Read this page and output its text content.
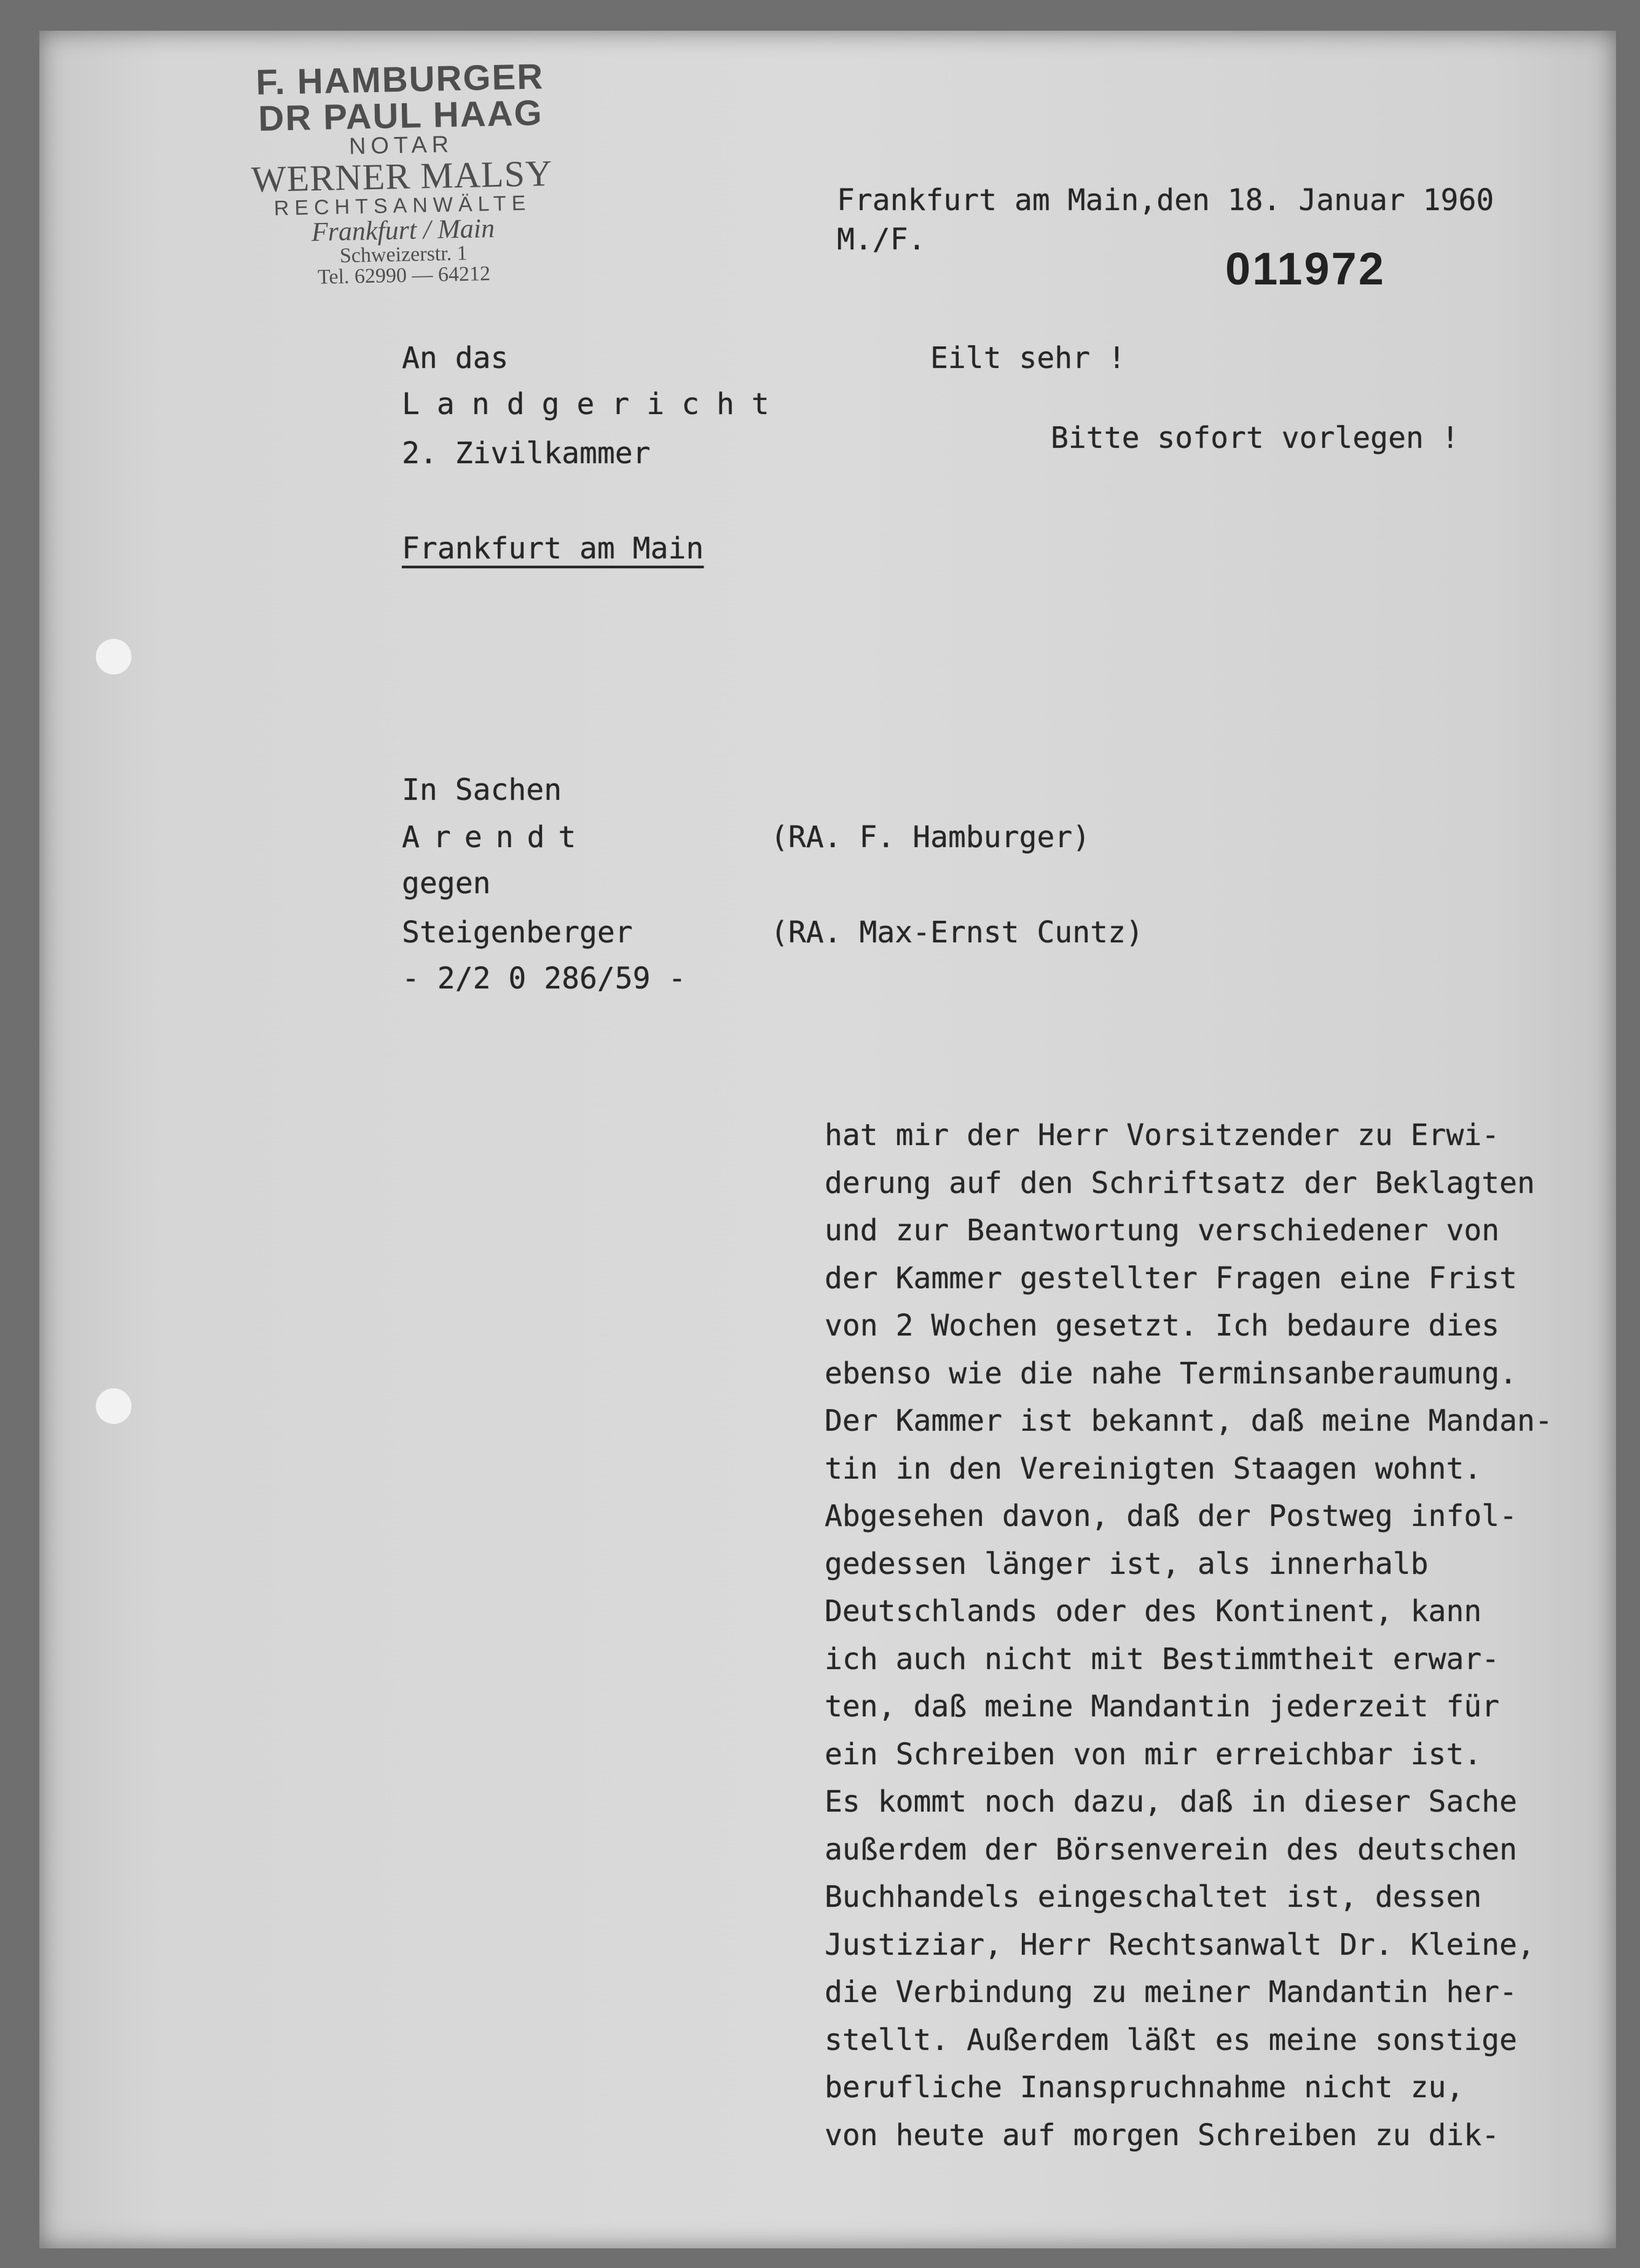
F. HAMBURGER
DR PAUL HAAG
NOTAR
WERNER MALSY
RECHTSANWÄLTE
Frankfurt / Main
Schweizerstr. 1
Tel. 62990 — 64212
Frankfurt am Main,den 18. Januar 1960
M./F.
011972
An das
Landgericht
2. Zivilkammer
Frankfurt am Main
Eilt sehr !
Bitte sofort vorlegen !
In Sachen
Arendt	(RA. F. Hamburger)
gegen
Steigenberger	(RA. Max-Ernst Cuntz)
- 2/2 0 286/59 -
hat mir der Herr Vorsitzender zu Erwi-
derung auf den Schriftsatz der Beklagten
und zur Beantwortung verschiedener von
der Kammer gestellter Fragen eine Frist
von 2 Wochen gesetzt. Ich bedaure dies
ebenso wie die nahe Terminsanberaumung.
Der Kammer ist bekannt, daß meine Mandan-
tin in den Vereinigten Staagen wohnt.
Abgesehen davon, daß der Postweg infol-
gedessen länger ist, als innerhalb
Deutschlands oder des Kontinent, kann
ich auch nicht mit Bestimmtheit erwar-
ten, daß meine Mandantin jederzeit für
ein Schreiben von mir erreichbar ist.
Es kommt noch dazu, daß in dieser Sache
außerdem der Börsenverein des deutschen
Buchhandels eingeschaltet ist, dessen
Justiziar, Herr Rechtsanwalt Dr. Kleine,
die Verbindung zu meiner Mandantin her-
stellt. Außerdem läßt es meine sonstige
berufliche Inanspruchnahme nicht zu,
von heute auf morgen Schreiben zu dik-
